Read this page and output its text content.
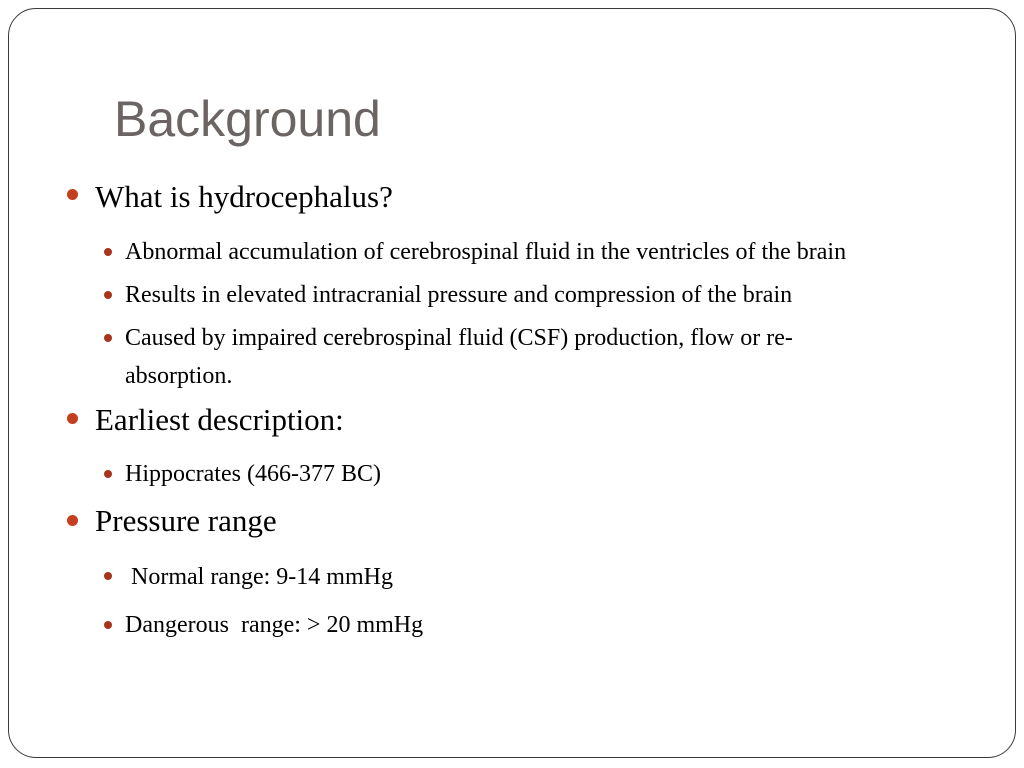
Background
What is hydrocephalus?
Abnormal accumulation of cerebrospinal fluid in the ventricles of the brain
Results in elevated intracranial pressure and compression of the brain
Caused by impaired cerebrospinal fluid (CSF) production, flow or re-
absorption.
Earliest description:
Hippocrates (466-377 BC)
Pressure range
Normal range: 9-14 mmHg
Dangerous  range: > 20 mmHg
